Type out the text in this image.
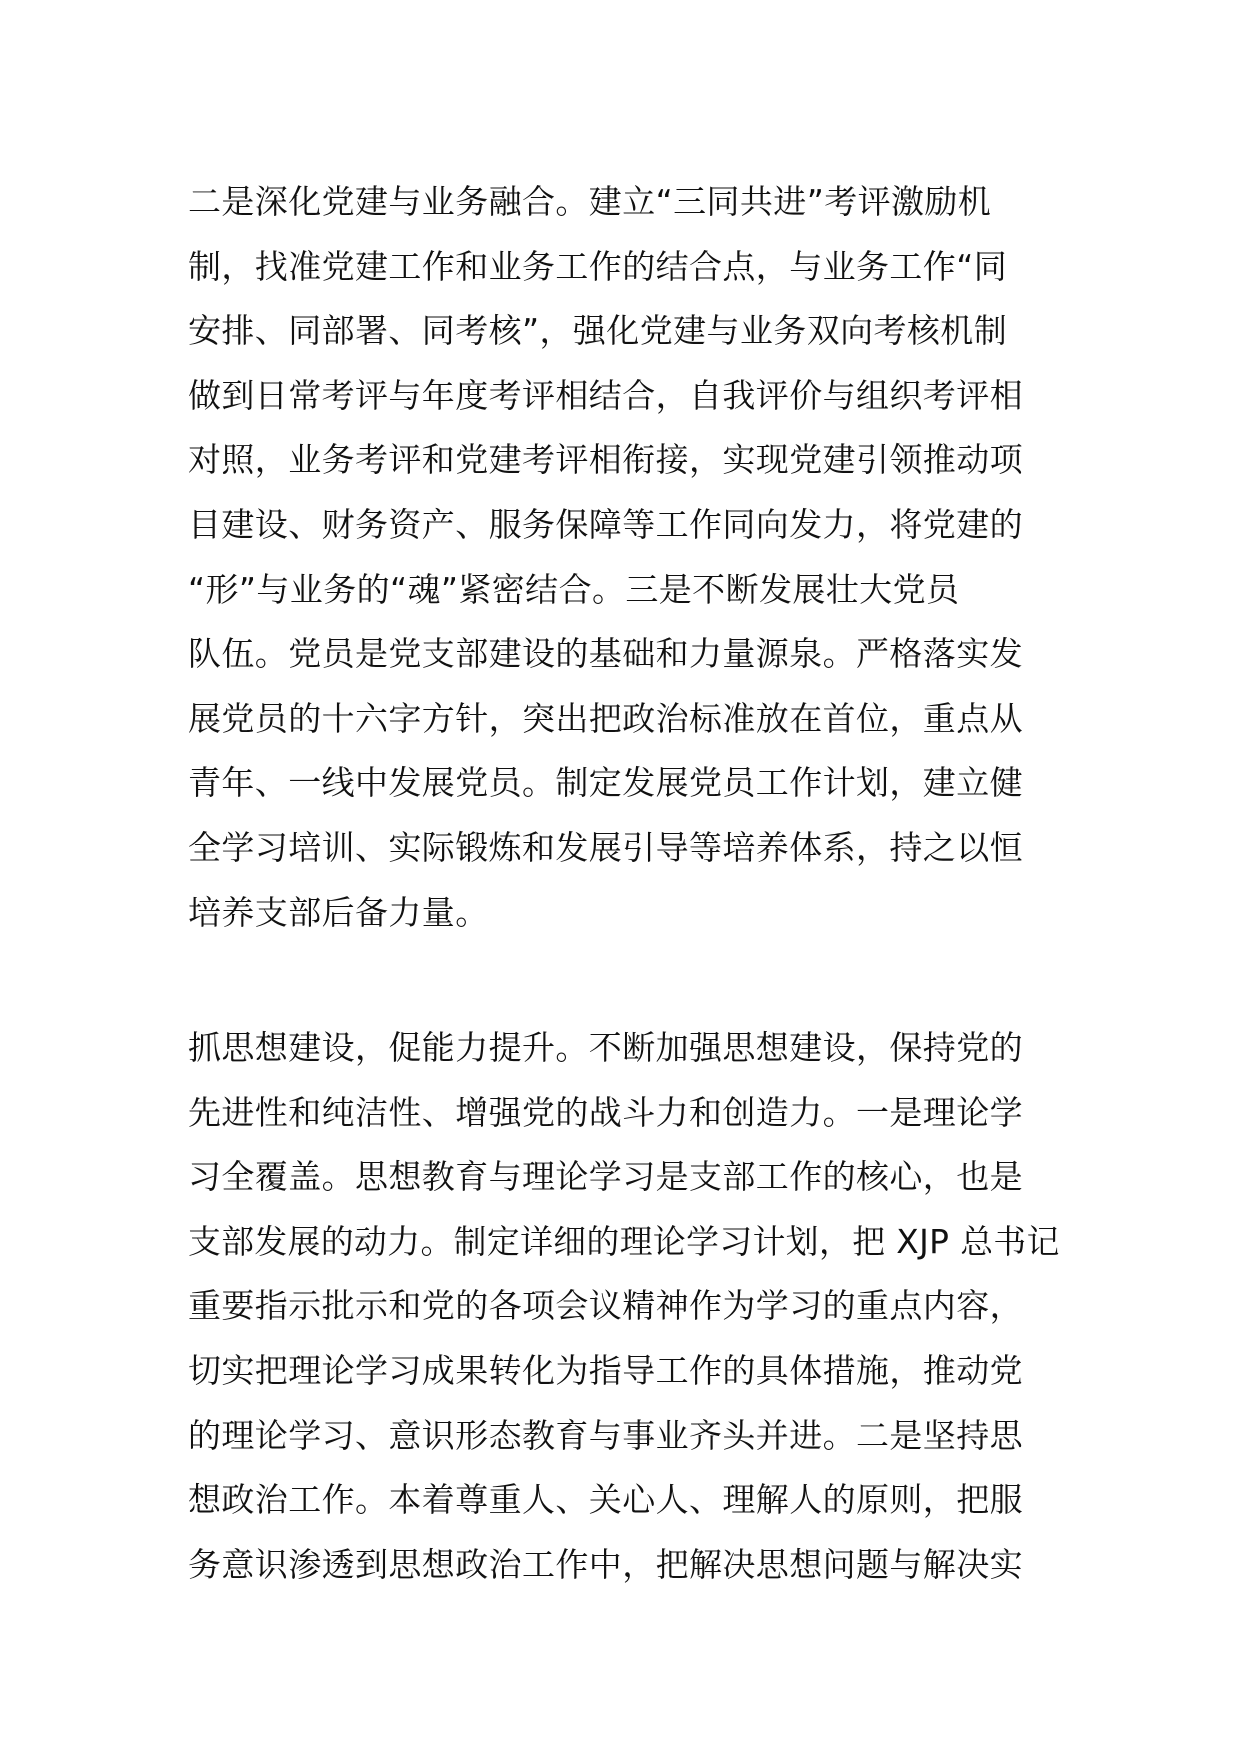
二是深化党建与业务融合。建立“三同共进”考评激励机
制，找准党建工作和业务工作的结合点，与业务工作“同
安排、同部署、同考核”，强化党建与业务双向考核机制
做到日常考评与年度考评相结合，自我评价与组织考评相
对照，业务考评和党建考评相衔接，实现党建引领推动项
目建设、财务资产、服务保障等工作同向发力，将党建的
“形”与业务的“魂”紧密结合。三是不断发展壮大党员
队伍。党员是党支部建设的基础和力量源泉。严格落实发
展党员的十六字方针，突出把政治标准放在首位，重点从
青年、一线中发展党员。制定发展党员工作计划，建立健
全学习培训、实际锻炼和发展引导等培养体系，持之以恒
培养支部后备力量。
抓思想建设，促能力提升。不断加强思想建设，保持党的
先进性和纯洁性、增强党的战斗力和创造力。一是理论学
习全覆盖。思想教育与理论学习是支部工作的核心，也是
支部发展的动力。制定详细的理论学习计划，把 XJP 总书记
重要指示批示和党的各项会议精神作为学习的重点内容，
切实把理论学习成果转化为指导工作的具体措施，推动党
的理论学习、意识形态教育与事业齐头并进。二是坚持思
想政治工作。本着尊重人、关心人、理解人的原则，把服
务意识渗透到思想政治工作中，把解决思想问题与解决实
